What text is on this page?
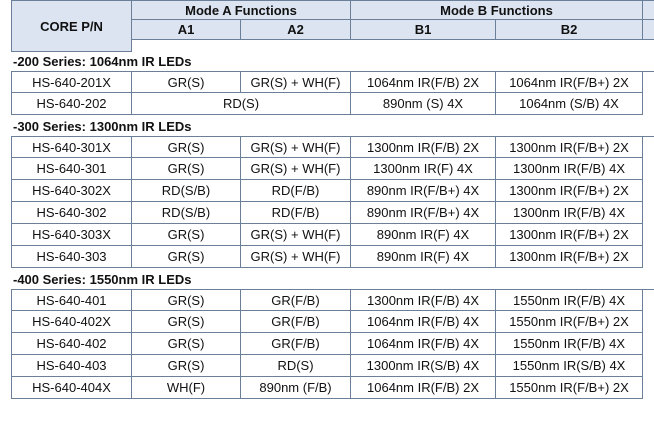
CORE P/N
Mode A Functions	Mode B Functions
A1	A2	B1	B2
-200 Series: 1064nm IR LEDs
HS-640-201X	GR(S)	GR(S) + WH(F)	1064nm IR(F/B) 2X	1064nm IR(F/B+) 2X
HS-640-202	RD(S)	890nm (S) 4X	1064nm (S/B) 4X
-300 Series: 1300nm IR LEDs
HS-640-301X	GR(S)	GR(S) + WH(F)	1300nm IR(F/B) 2X	1300nm IR(F/B+) 2X
HS-640-301	GR(S)	GR(S) + WH(F)	1300nm IR(F) 4X	1300nm IR(F/B) 4X
HS-640-302X	RD(S/B)	RD(F/B)	890nm IR(F/B+) 4X	1300nm IR(F/B+) 2X
HS-640-302	RD(S/B)	RD(F/B)	890nm IR(F/B+) 4X	1300nm IR(F/B) 4X
HS-640-303X	GR(S)	GR(S) + WH(F)	890nm IR(F) 4X	1300nm IR(F/B+) 2X
HS-640-303	GR(S)	GR(S) + WH(F)	890nm IR(F) 4X	1300nm IR(F/B+) 2X
-400 Series: 1550nm IR LEDs
HS-640-401	GR(S)	GR(F/B)	1300nm IR(F/B) 4X	1550nm IR(F/B) 4X
HS-640-402X	GR(S)	GR(F/B)	1064nm IR(F/B) 4X	1550nm IR(F/B+) 2X
HS-640-402	GR(S)	GR(F/B)	1064nm IR(F/B) 4X	1550nm IR(F/B) 4X
HS-640-403	GR(S)	RD(S)	1300nm IR(S/B) 4X	1550nm IR(S/B) 4X
HS-640-404X	WH(F)	890nm (F/B)	1064nm IR(F/B) 2X	1550nm IR(F/B+) 2X
